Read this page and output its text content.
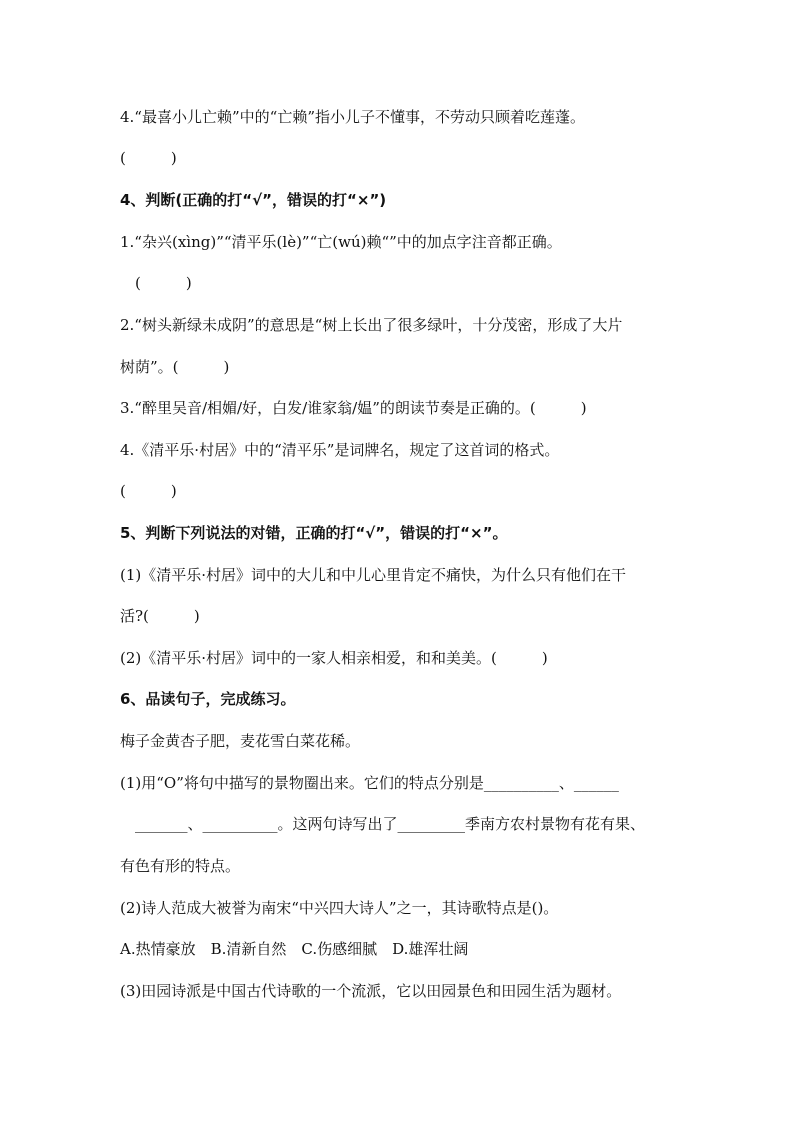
4.“最喜小儿亡赖”中的“亡赖”指小儿子不懂事，不劳动只顾着吃莲蓬。
(　　　)
4、判断(正确的打“√”，错误的打“×”)
1.“杂兴(xìng)”“清平乐(lè)”“亡(wú)赖“”中的加点字注音都正确。
　(　　　)
2.“树头新绿未成阴”的意思是“树上长出了很多绿叶，十分茂密，形成了大片
树荫”。(　　　)
3.“醉里吴音/相媚/好，白发/谁家翁/媪”的朗读节奏是正确的。(　　　)
4.《清平乐·村居》中的“清平乐”是词牌名，规定了这首词的格式。
(　　　)
5、判断下列说法的对错，正确的打“√”，错误的打“×”。
(1)《清平乐·村居》词中的大儿和中儿心里肯定不痛快，为什么只有他们在干
活?(　　　)
(2)《清平乐·村居》词中的一家人相亲相爱，和和美美。(　　　)
6、品读句子，完成练习。
梅子金黄杏子肥，麦花雪白菜花稀。
(1)用“O”将句中描写的景物圈出来。它们的特点分别是__________、______
　_______、__________。这两句诗写出了_________季南方农村景物有花有果、
有色有形的特点。
(2)诗人范成大被誉为南宋“中兴四大诗人”之一，其诗歌特点是()。
A.热情豪放　B.清新自然　C.伤感细腻　D.雄浑壮阔
(3)田园诗派是中国古代诗歌的一个流派，它以田园景色和田园生活为题材。
